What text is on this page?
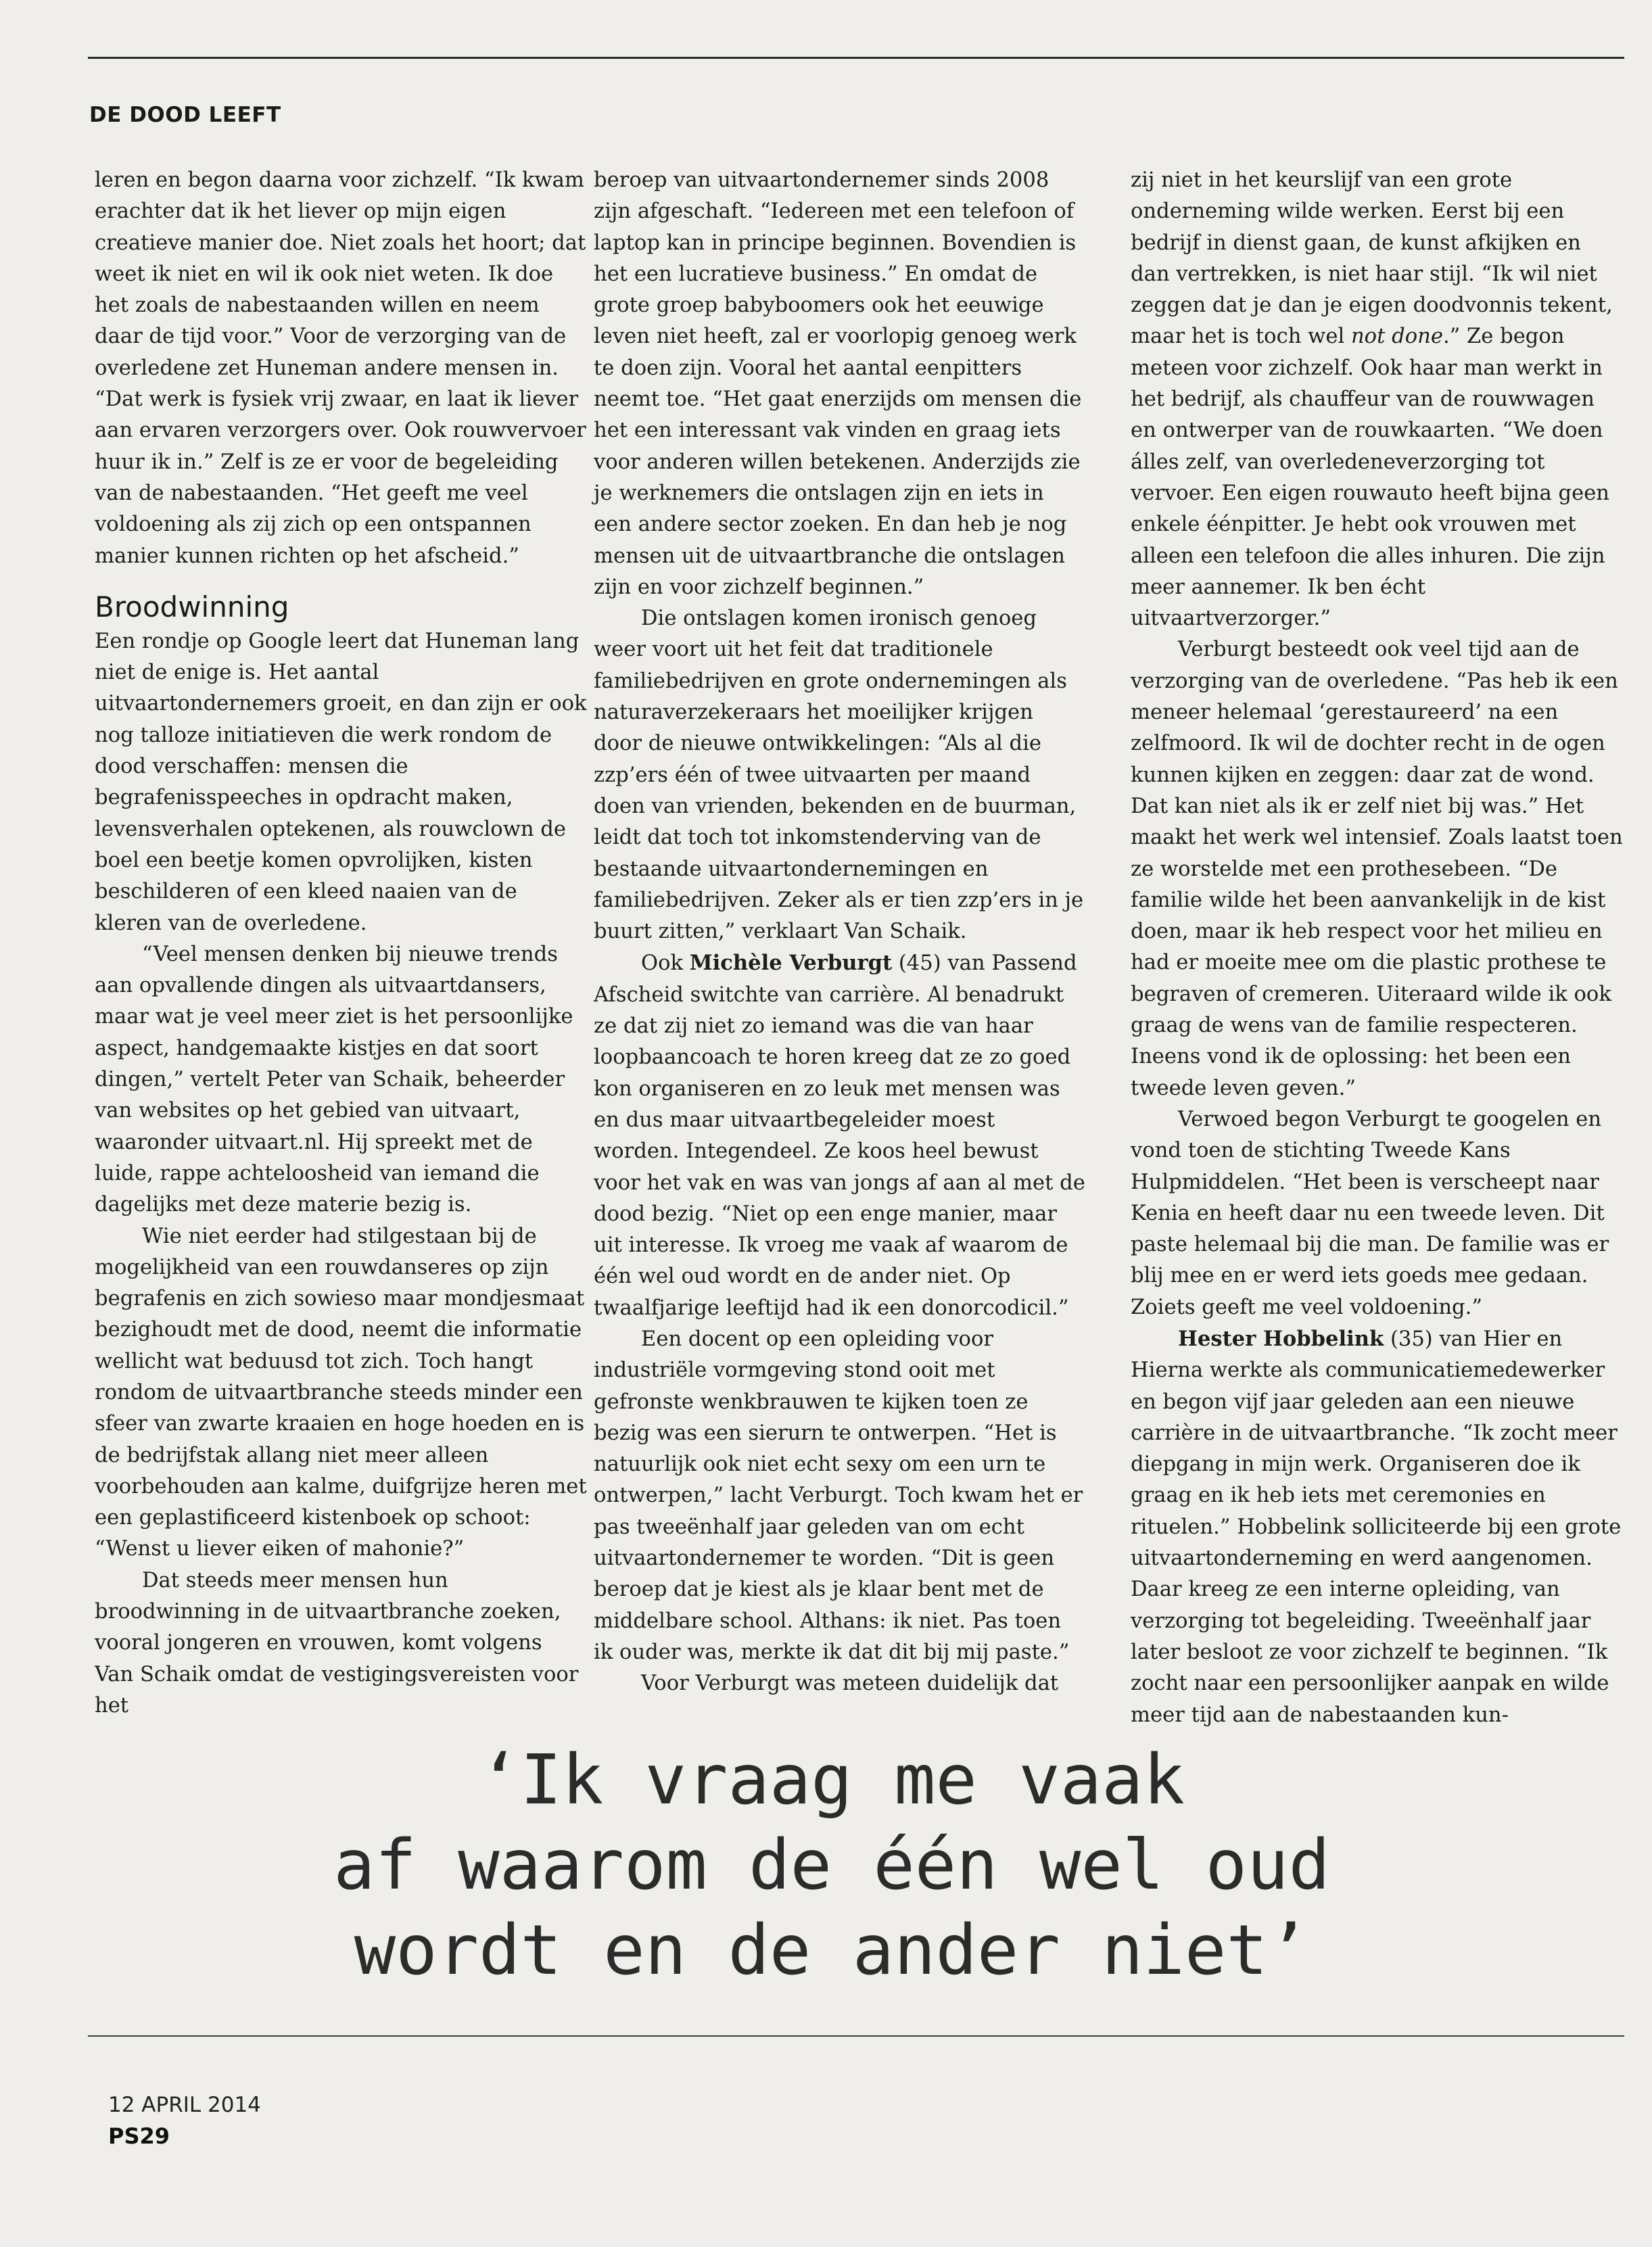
DE DOOD LEEFT

leren en begon daarna voor zichzelf. “Ik kwam erachter dat ik het liever op mijn eigen creatieve manier doe. Niet zoals het hoort; dat weet ik niet en wil ik ook niet weten. Ik doe het zoals de nabestaanden willen en neem daar de tijd voor.” Voor de verzorging van de overledene zet Huneman andere mensen in. “Dat werk is fysiek vrij zwaar, en laat ik liever aan ervaren verzorgers over. Ook rouwvervoer huur ik in.” Zelf is ze er voor de begeleiding van de nabestaanden. “Het geeft me veel voldoening als zij zich op een ontspannen manier kunnen richten op het afscheid.”

Broodwinning

Een rondje op Google leert dat Huneman lang niet de enige is. Het aantal uitvaartondernemers groeit, en dan zijn er ook nog talloze initiatieven die werk rondom de dood verschaffen: mensen die begrafenisspeeches in opdracht maken, levensverhalen optekenen, als rouwclown de boel een beetje komen opvrolijken, kisten beschilderen of een kleed naaien van de kleren van de overledene.

“Veel mensen denken bij nieuwe trends aan opvallende dingen als uitvaartdansers, maar wat je veel meer ziet is het persoonlijke aspect, handgemaakte kistjes en dat soort dingen,” vertelt Peter van Schaik, beheerder van websites op het gebied van uitvaart, waaronder uitvaart.nl. Hij spreekt met de luide, rappe achteloosheid van iemand die dagelijks met deze materie bezig is.

Wie niet eerder had stilgestaan bij de mogelijkheid van een rouwdanseres op zijn begrafenis en zich sowieso maar mondjesmaat bezighoudt met de dood, neemt die informatie wellicht wat beduusd tot zich. Toch hangt rondom de uitvaartbranche steeds minder een sfeer van zwarte kraaien en hoge hoeden en is de bedrijfstak allang niet meer alleen voorbehouden aan kalme, duifgrijze heren met een geplastificeerd kistenboek op schoot: “Wenst u liever eiken of mahonie?”

Dat steeds meer mensen hun broodwinning in de uitvaartbranche zoeken, vooral jongeren en vrouwen, komt volgens Van Schaik omdat de vestigingsvereisten voor het

beroep van uitvaartondernemer sinds 2008 zijn afgeschaft. “Iedereen met een telefoon of laptop kan in principe beginnen. Bovendien is het een lucratieve business.” En omdat de grote groep babyboomers ook het eeuwige leven niet heeft, zal er voorlopig genoeg werk te doen zijn. Vooral het aantal eenpitters neemt toe. “Het gaat enerzijds om mensen die het een interessant vak vinden en graag iets voor anderen willen betekenen. Anderzijds zie je werknemers die ontslagen zijn en iets in een andere sector zoeken. En dan heb je nog mensen uit de uitvaartbranche die ontslagen zijn en voor zichzelf beginnen.”

Die ontslagen komen ironisch genoeg weer voort uit het feit dat traditionele familiebedrijven en grote ondernemingen als naturaverzekeraars het moeilijker krijgen door de nieuwe ontwikkelingen: “Als al die zzp’ers één of twee uitvaarten per maand doen van vrienden, bekenden en de buurman, leidt dat toch tot inkomstenderving van de bestaande uitvaartondernemingen en familiebedrijven. Zeker als er tien zzp’ers in je buurt zitten,” verklaart Van Schaik.

Ook Michèle Verburgt (45) van Passend Afscheid switchte van carrière. Al benadrukt ze dat zij niet zo iemand was die van haar loopbaancoach te horen kreeg dat ze zo goed kon organiseren en zo leuk met mensen was en dus maar uitvaartbegeleider moest worden. Integendeel. Ze koos heel bewust voor het vak en was van jongs af aan al met de dood bezig. “Niet op een enge manier, maar uit interesse. Ik vroeg me vaak af waarom de één wel oud wordt en de ander niet. Op twaalfjarige leeftijd had ik een donorcodicil.”

Een docent op een opleiding voor industriële vormgeving stond ooit met gefronste wenkbrauwen te kijken toen ze bezig was een sierurn te ontwerpen. “Het is natuurlijk ook niet echt sexy om een urn te ontwerpen,” lacht Verburgt. Toch kwam het er pas tweeënhalf jaar geleden van om echt uitvaartondernemer te worden. “Dit is geen beroep dat je kiest als je klaar bent met de middelbare school. Althans: ik niet. Pas toen ik ouder was, merkte ik dat dit bij mij paste.”

Voor Verburgt was meteen duidelijk dat

zij niet in het keurslijf van een grote onderneming wilde werken. Eerst bij een bedrijf in dienst gaan, de kunst afkijken en dan vertrekken, is niet haar stijl. “Ik wil niet zeggen dat je dan je eigen doodvonnis tekent, maar het is toch wel not done.” Ze begon meteen voor zichzelf. Ook haar man werkt in het bedrijf, als chauffeur van de rouwwagen en ontwerper van de rouwkaarten. “We doen álles zelf, van overledeneverzorging tot vervoer. Een eigen rouwauto heeft bijna geen enkele éénpitter. Je hebt ook vrouwen met alleen een telefoon die alles inhuren. Die zijn meer aannemer. Ik ben écht uitvaartverzorger.”

Verburgt besteedt ook veel tijd aan de verzorging van de overledene. “Pas heb ik een meneer helemaal ‘gerestaureerd’ na een zelfmoord. Ik wil de dochter recht in de ogen kunnen kijken en zeggen: daar zat de wond. Dat kan niet als ik er zelf niet bij was.” Het maakt het werk wel intensief. Zoals laatst toen ze worstelde met een prothesebeen. “De familie wilde het been aanvankelijk in de kist doen, maar ik heb respect voor het milieu en had er moeite mee om die plastic prothese te begraven of cremeren. Uiteraard wilde ik ook graag de wens van de familie respecteren. Ineens vond ik de oplossing: het been een tweede leven geven.”

Verwoed begon Verburgt te googelen en vond toen de stichting Tweede Kans Hulpmiddelen. “Het been is verscheept naar Kenia en heeft daar nu een tweede leven. Dit paste helemaal bij die man. De familie was er blij mee en er werd iets goeds mee gedaan. Zoiets geeft me veel voldoening.”

Hester Hobbelink (35) van Hier en Hierna werkte als communicatiemedewerker en begon vijf jaar geleden aan een nieuwe carrière in de uitvaartbranche. “Ik zocht meer diepgang in mijn werk. Organiseren doe ik graag en ik heb iets met ceremonies en rituelen.” Hobbelink solliciteerde bij een grote uitvaartonderneming en werd aangenomen. Daar kreeg ze een interne opleiding, van verzorging tot begeleiding. Tweeënhalf jaar later besloot ze voor zichzelf te beginnen. “Ik zocht naar een persoonlijker aanpak en wilde meer tijd aan de nabestaanden kun-

‘Ik vraag me vaak
af waarom de één wel oud
wordt en de ander niet’
12 APRIL 2014
PS29
